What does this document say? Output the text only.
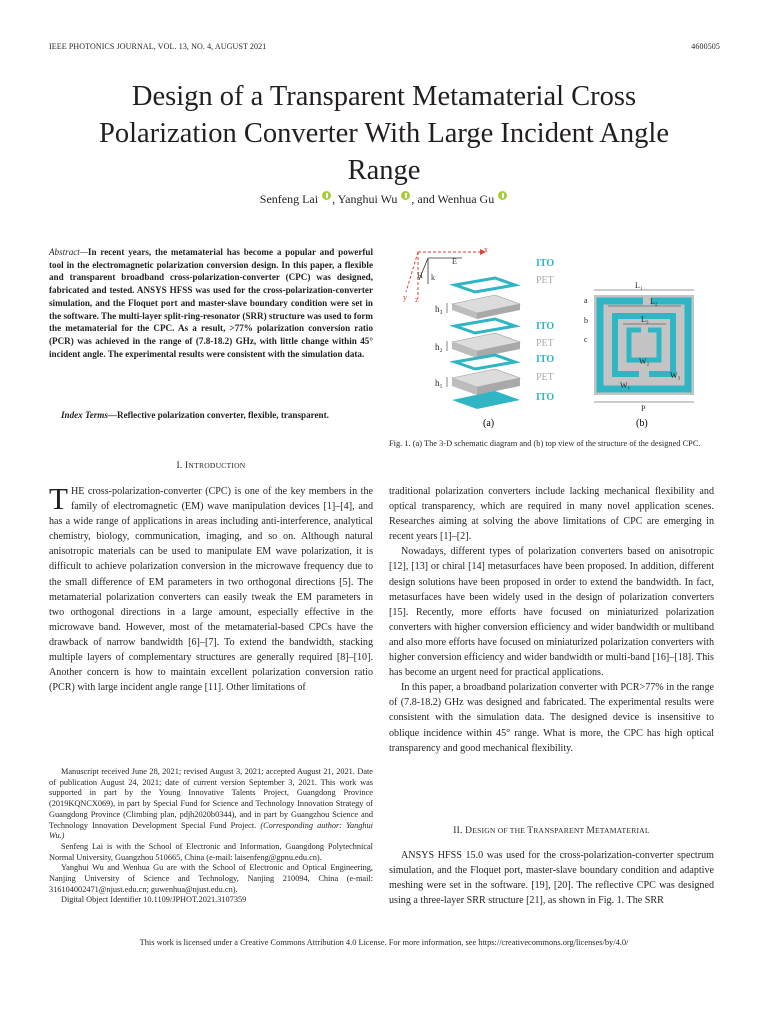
IEEE PHOTONICS JOURNAL, VOL. 13, NO. 4, AUGUST 2021	4600505
Design of a Transparent Metamaterial Cross Polarization Converter With Large Incident Angle Range
Senfeng Lai , Yanghui Wu , and Wenhua Gu
Abstract—In recent years, the metamaterial has become a popular and powerful tool in the electromagnetic polarization conversion design. In this paper, a flexible and transparent broadband cross-polarization-converter (CPC) was designed, fabricated and tested. ANSYS HFSS was used for the cross-polarization-converter simulation, and the Floquet port and master-slave boundary condition were set in the software. The multi-layer split-ring-resonator (SRR) structure was used to form the metamaterial for the CPC. As a result, >77% polarization conversion ratio (PCR) was achieved in the range of (7.8-18.2) GHz, with little change within 45° incident angle. The experimental results were consistent with the simulation data.
Index Terms—Reflective polarization converter, flexible, transparent.
I. INTRODUCTION

THE cross-polarization-converter (CPC) is one of the key members in the family of electromagnetic (EM) wave manipulation devices [1]–[4], and has a wide range of applications in areas including anti-interference, analytical chemistry, biology, communication, imaging, and so on. Although natural anisotropic materials can be used to manipulate EM wave polarization, it is difficult to achieve polarization conversion in the microwave frequency due to the small difference of EM parameters in two orthogonal directions [5]. The metamaterial polarization converters can easily tweak the EM parameters in two orthogonal directions in a large amount, especially effective in the microwave band. However, most of the metamaterial-based CPCs have the drawback of narrow bandwidth [6]–[7]. To extend the bandwidth, stacking multiple layers of complementary structures are generally required [8]–[10]. Another concern is how to maintain excellent polarization conversion ratio (PCR) with large incident angle range [11]. Other limitations of

Manuscript received June 28, 2021; revised August 3, 2021; accepted August 21, 2021. Date of publication August 24, 2021; date of current version September 3, 2021. This work was supported in part by the Young Innovative Talents Project, Guangdong Province (2019KQNCX069), in part by Special Fund for Science and Technology Innovation Strategy of Guangdong Province (Climbing plan, pdjh2020b0344), and in part by Guangzhou Science and Technology Innovation Development Special Fund Project. (Corresponding author: Yanghui Wu.)

Senfeng Lai is with the School of Electronic and Information, Guangdong Polytechnical Normal University, Guangzhou 510665, China (e-mail: laisenfeng@gpnu.edu.cn).

Yanghui Wu and Wenhua Gu are with the School of Electronic and Optical Engineering, Nanjing University of Science and Technology, Nanjing 210094, China (e-mail: 316104002471@njust.edu.cn; guwenhua@njust.edu.cn).

Digital Object Identifier 10.1109/JPHOT.2021.3107359

x
y z
H k
E
h₃
h₂
h₁
ITO
PET
ITO
PET
ITO
PET
ITO
(a)
L₁
L₂
L₃
a
b
c
W₁
W₂
W₃
P
(b)
Fig. 1. (a) The 3-D schematic diagram and (b) top view of the structure of the designed CPC.

traditional polarization converters include lacking mechanical flexibility and optical transparency, which are required in many novel application scenes. Researches aiming at solving the above limitations of CPC are emerging in recent years [1]–[2].

Nowadays, different types of polarization converters based on anisotropic [12], [13] or chiral [14] metasurfaces have been proposed. In addition, different design solutions have been proposed in order to extend the bandwidth. In fact, metasurfaces have been widely used in the design of polarization converters [15]. Recently, more efforts have focused on miniaturized polarization converters with higher conversion efficiency and wider bandwidth or multiband and also more efforts have focused on miniaturized polarization converters with higher conversion efficiency and wider bandwidth or multi-band [16]–[18]. This has become an urgent need for practical applications.

In this paper, a broadband polarization converter with PCR>77% in the range of (7.8-18.2) GHz was designed and fabricated. The experimental results were consistent with the simulation data. The designed device is insensitive to oblique incidence within 45° range. What is more, the CPC has high optical transparency and good mechanical flexibility.

II. DESIGN OF THE TRANSPARENT METAMATERIAL

ANSYS HFSS 15.0 was used for the cross-polarization-converter spectrum simulation, and the Floquet port, master-slave boundary condition and adaptive meshing were set in the software. [19], [20]. The reflective CPC was designed using a three-layer SRR structure [21], as shown in Fig. 1. The SRR

This work is licensed under a Creative Commons Attribution 4.0 License. For more information, see https://creativecommons.org/licenses/by/4.0/
